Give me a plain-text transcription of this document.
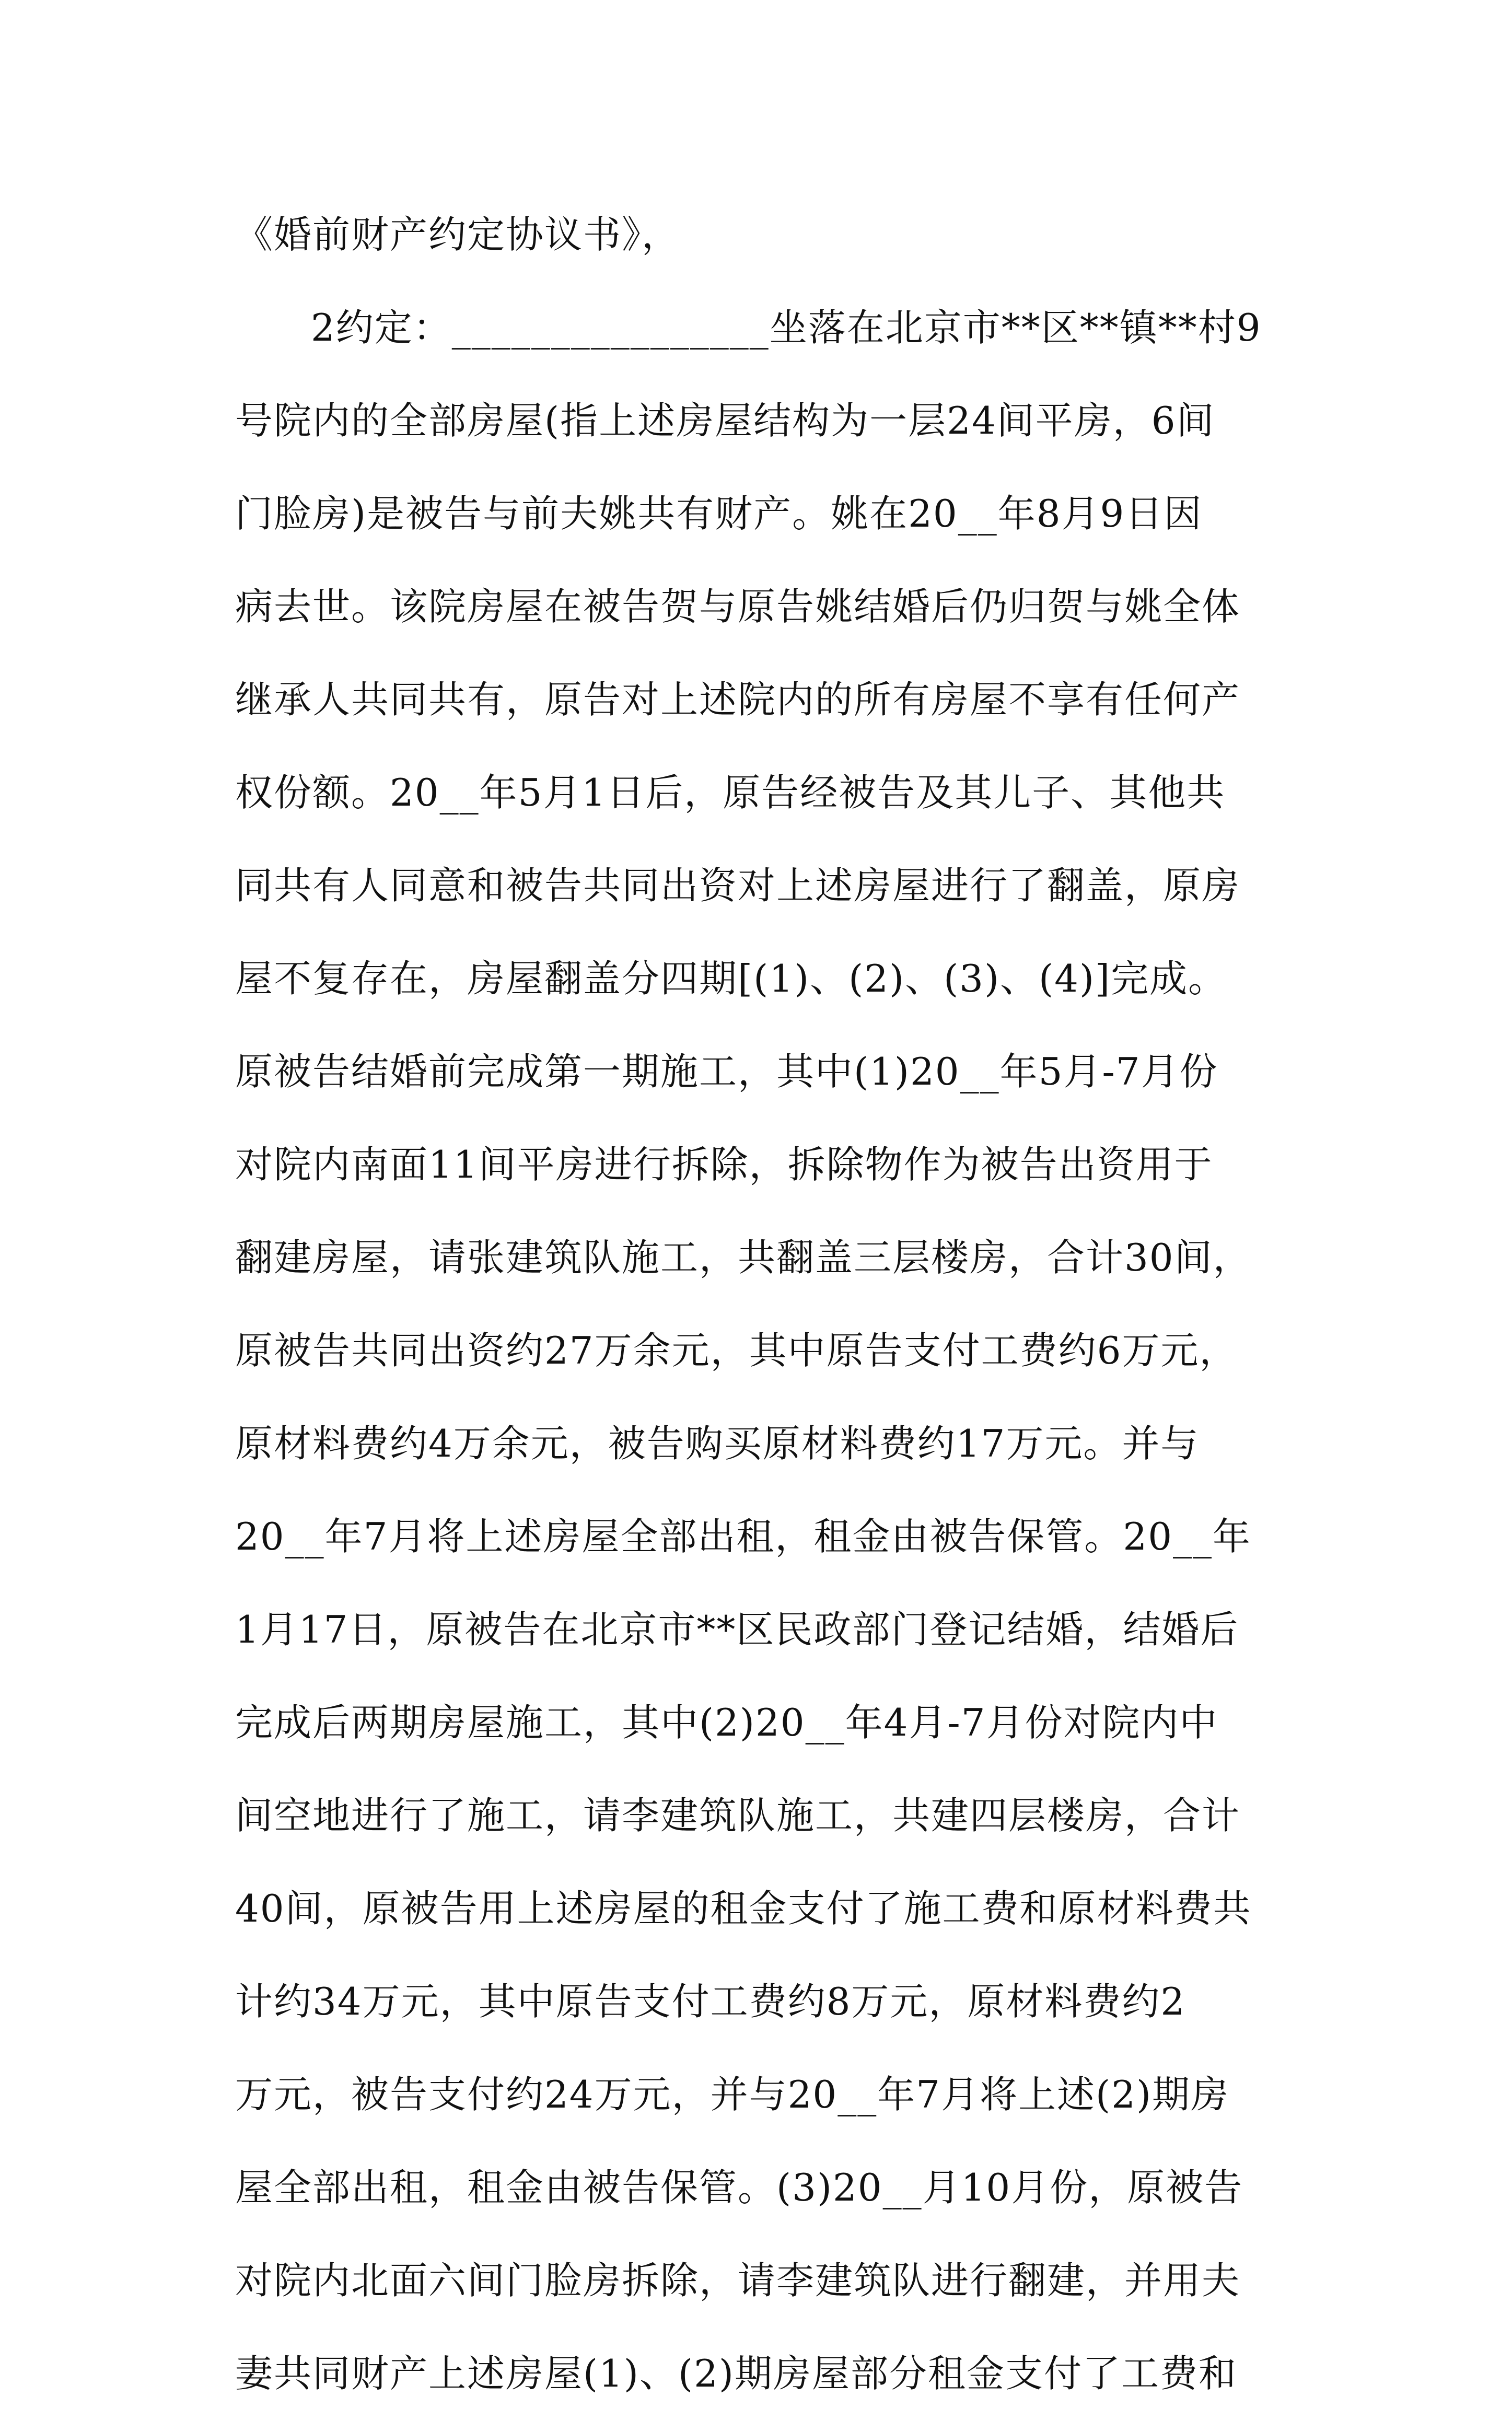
《婚前财产约定协议书》，
2约定：________________坐落在北京市**区**镇**村9
号院内的全部房屋(指上述房屋结构为一层24间平房，6间
门脸房)是被告与前夫姚共有财产。姚在20__年8月9日因
病去世。该院房屋在被告贺与原告姚结婚后仍归贺与姚全体
继承人共同共有，原告对上述院内的所有房屋不享有任何产
权份额。20__年5月1日后，原告经被告及其儿子、其他共
同共有人同意和被告共同出资对上述房屋进行了翻盖，原房
屋不复存在，房屋翻盖分四期[(1)、(2)、(3)、(4)]完成。
原被告结婚前完成第一期施工，其中(1)20__年5月-7月份
对院内南面11间平房进行拆除，拆除物作为被告出资用于
翻建房屋，请张建筑队施工，共翻盖三层楼房，合计30间，
原被告共同出资约27万余元，其中原告支付工费约6万元，
原材料费约4万余元，被告购买原材料费约17万元。并与
20__年7月将上述房屋全部出租，租金由被告保管。20__年
1月17日，原被告在北京市**区民政部门登记结婚，结婚后
完成后两期房屋施工，其中(2)20__年4月-7月份对院内中
间空地进行了施工，请李建筑队施工，共建四层楼房，合计
40间，原被告用上述房屋的租金支付了施工费和原材料费共
计约34万元，其中原告支付工费约8万元，原材料费约2
万元，被告支付约24万元，并与20__年7月将上述(2)期房
屋全部出租，租金由被告保管。(3)20__月10月份，原被告
对院内北面六间门脸房拆除，请李建筑队进行翻建，并用夫
妻共同财产上述房屋(1)、(2)期房屋部分租金支付了工费和
